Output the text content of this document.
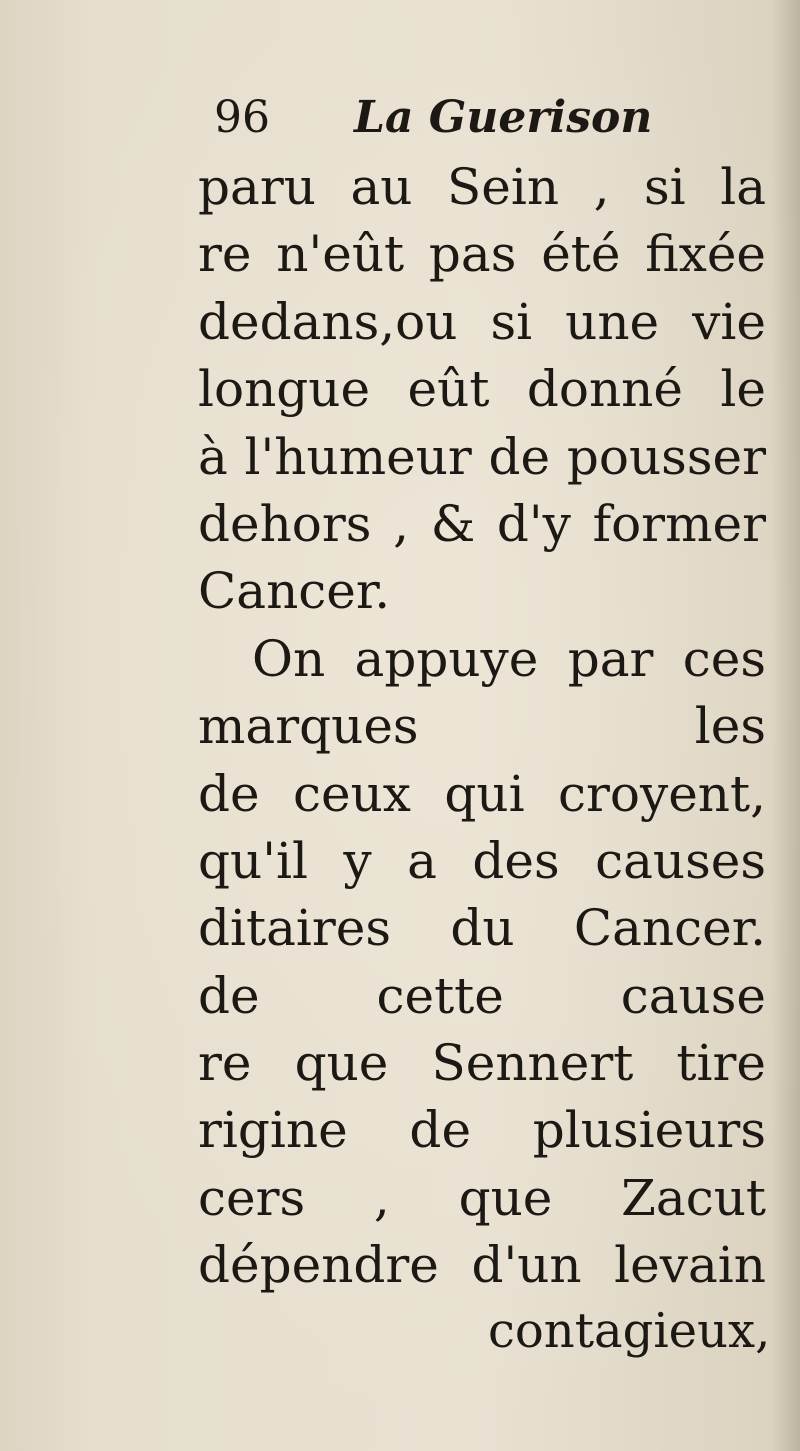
96 La Guerison
paru au Sein , si la
re n'eût pas été fixée
dedans,ou si une vie
longue eût donné le
à l'humeur de pousser
dehors , & d'y former
Cancer.
On appuye par ces
marques les
de ceux qui croyent,
qu'il y a des causes
ditaires du Cancer.
de cette cause
re que Sennert tire
rigine de plusieurs
cers , que Zacut
dépendre d'un levain
contagieux,
